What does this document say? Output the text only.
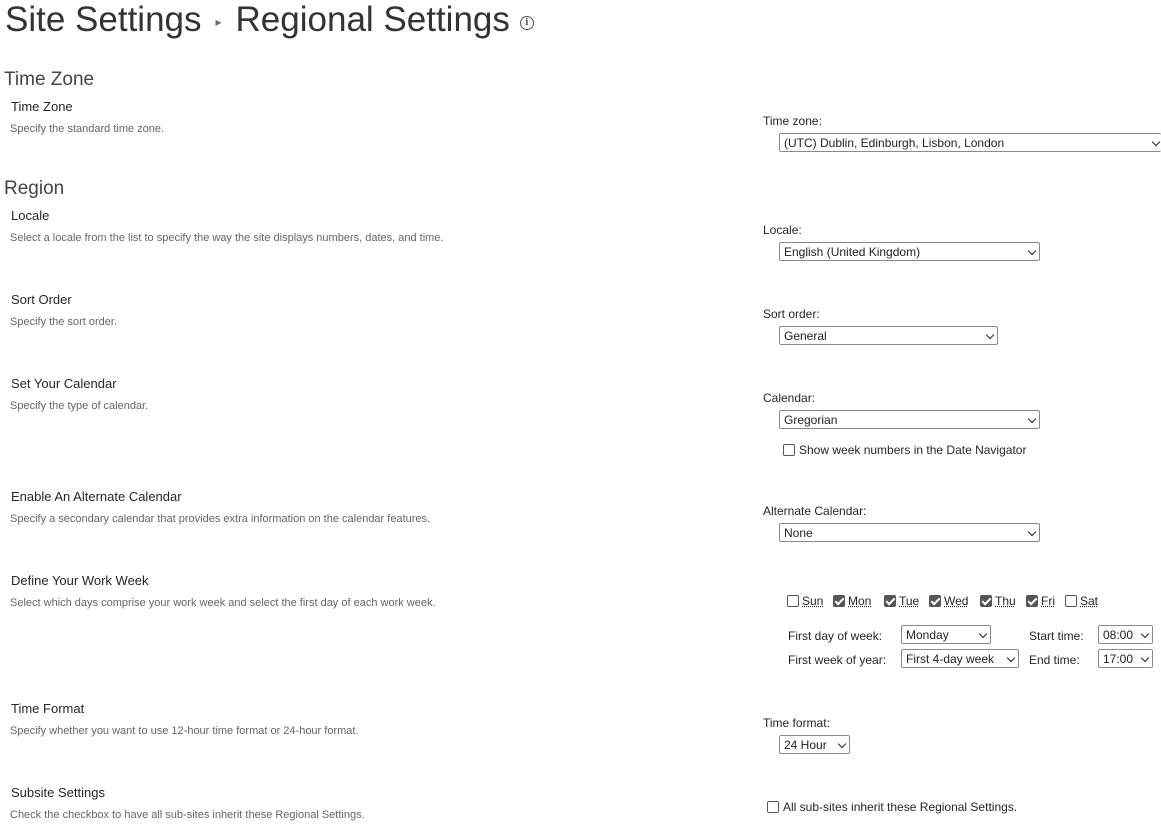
Site Settings ▸ Regional Settings	i
Time Zone
Time Zone
Specify the standard time zone.
Time zone:
(UTC) Dublin, Edinburgh, Lisbon, London
Region
Locale
Select a locale from the list to specify the way the site displays numbers, dates, and time.
Locale:
English (United Kingdom)
Sort Order
Specify the sort order.
Sort order:
General
Set Your Calendar
Specify the type of calendar.
Calendar:
Gregorian
Show week numbers in the Date Navigator
Enable An Alternate Calendar
Specify a secondary calendar that provides extra information on the calendar features.
Alternate Calendar:
None
Define Your Work Week
Select which days comprise your work week and select the first day of each work week.	Sun Mon Tue Wed Thu Fri Sat
First day of week:	Monday	Start time:	08:00
First week of year:	First 4-day week	End time:	17:00
Time Format
Specify whether you want to use 12-hour time format or 24-hour format.
Time format:
24 Hour
Subsite Settings
Check the checkbox to have all sub-sites inherit these Regional Settings.
All sub-sites inherit these Regional Settings.
